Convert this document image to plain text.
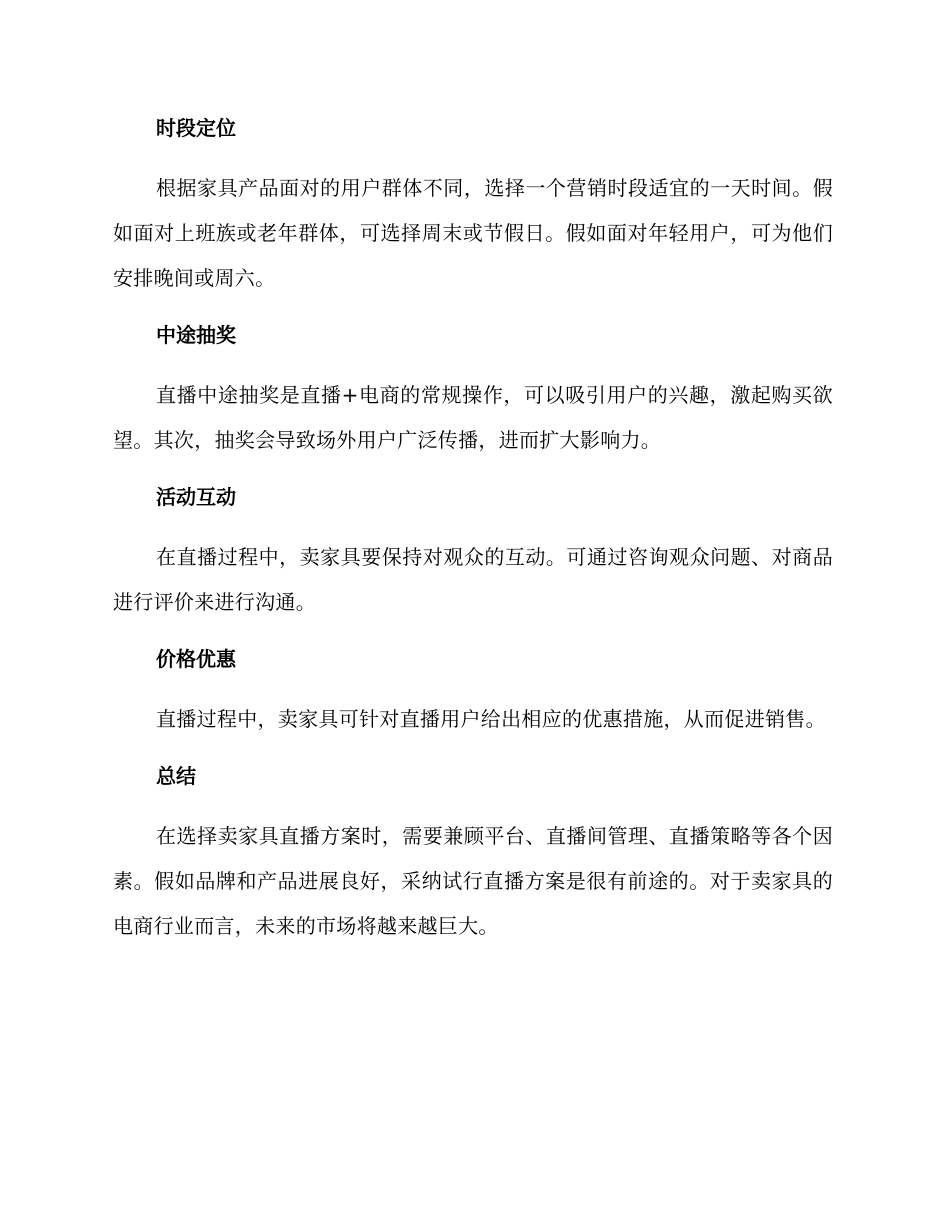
时段定位

根据家具产品面对的用户群体不同，选择一个营销时段适宜的一天时间。假如面对上班族或老年群体，可选择周末或节假日。假如面对年轻用户，可为他们安排晚间或周六。

中途抽奖

直播中途抽奖是直播+电商的常规操作，可以吸引用户的兴趣，激起购买欲望。其次，抽奖会导致场外用户广泛传播，进而扩大影响力。

活动互动

在直播过程中，卖家具要保持对观众的互动。可通过咨询观众问题、对商品进行评价来进行沟通。

价格优惠

直播过程中，卖家具可针对直播用户给出相应的优惠措施，从而促进销售。

总结

在选择卖家具直播方案时，需要兼顾平台、直播间管理、直播策略等各个因素。假如品牌和产品进展良好，采纳试行直播方案是很有前途的。对于卖家具的电商行业而言，未来的市场将越来越巨大。
